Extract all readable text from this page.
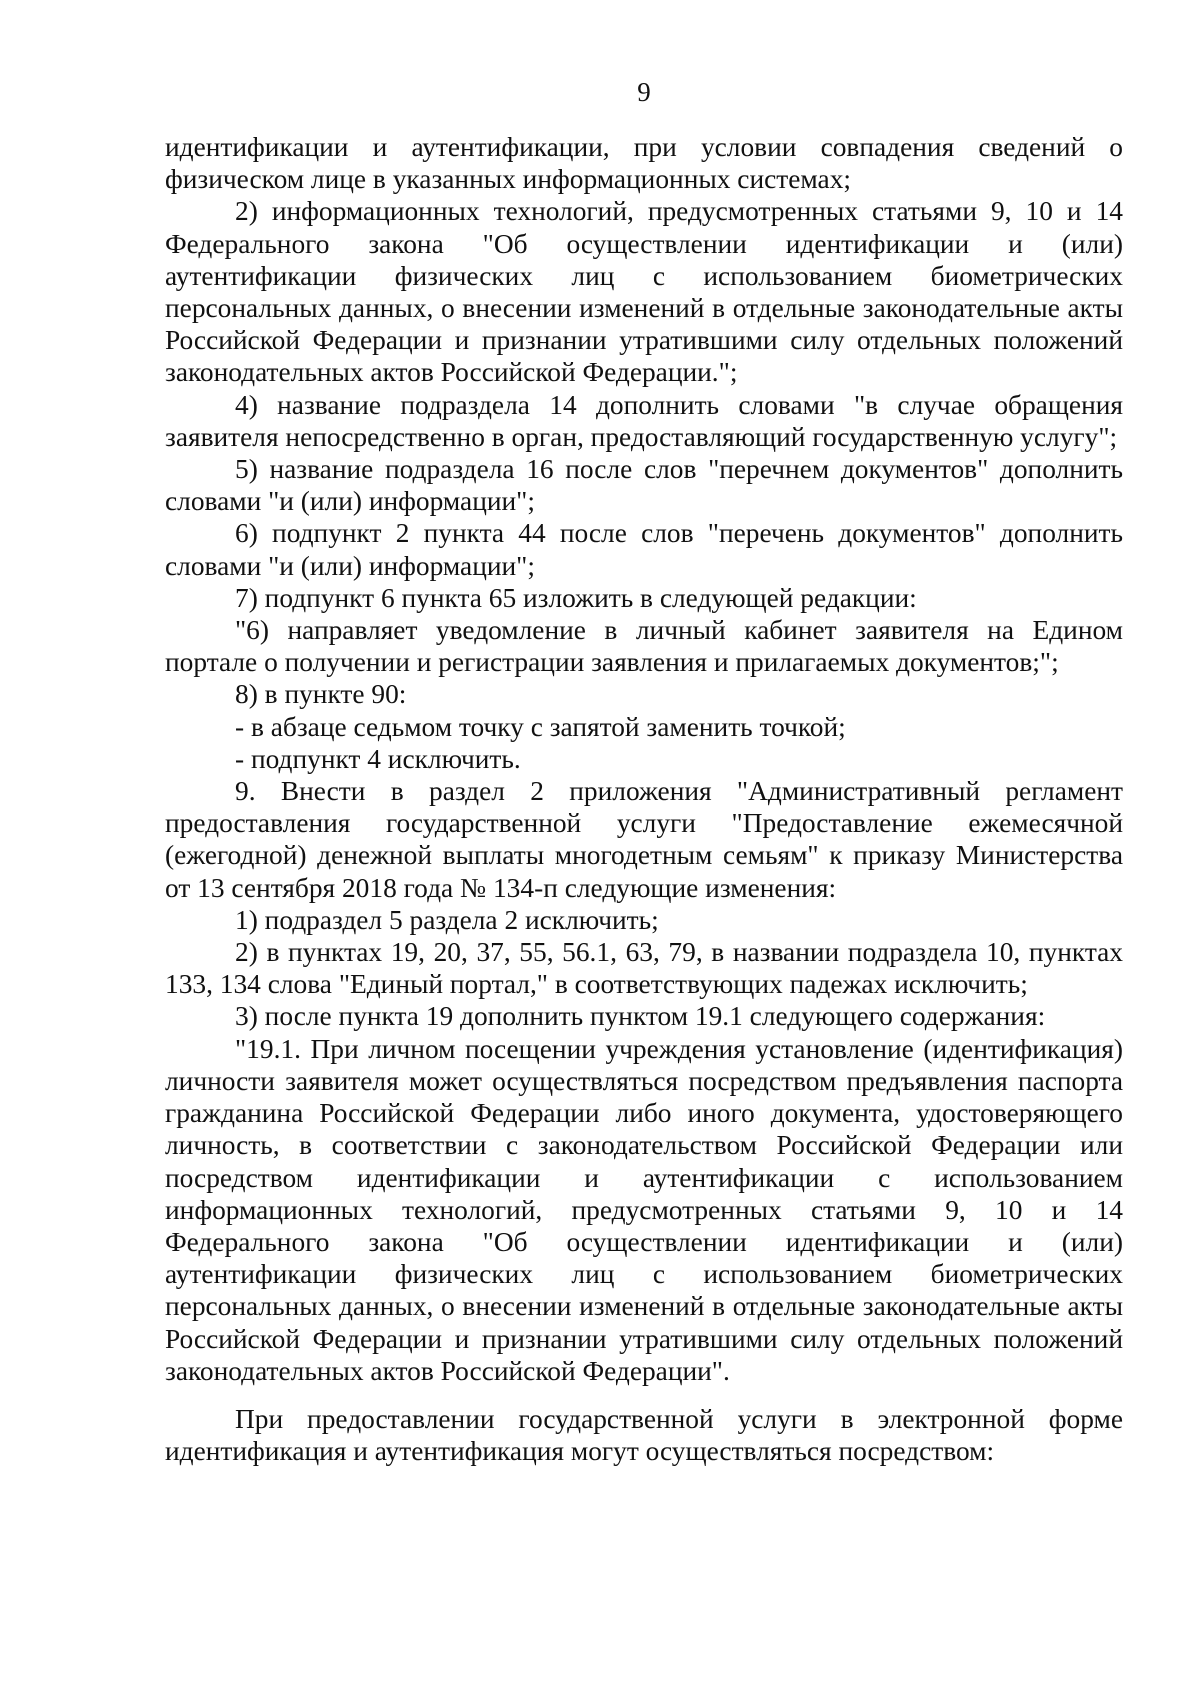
9

идентификации и аутентификации, при условии совпадения сведений о физическом лице в указанных информационных системах;

2) информационных технологий, предусмотренных статьями 9, 10 и 14 Федерального закона "Об осуществлении идентификации и (или) аутентификации физических лиц с использованием биометрических персональных данных, о внесении изменений в отдельные законодательные акты Российской Федерации и признании утратившими силу отдельных положений законодательных актов Российской Федерации.";

4) название подраздела 14 дополнить словами "в случае обращения заявителя непосредственно в орган, предоставляющий государственную услугу";

5) название подраздела 16 после слов "перечнем документов" дополнить словами "и (или) информации";

6) подпункт 2 пункта 44 после слов "перечень документов" дополнить словами "и (или) информации";

7) подпункт 6 пункта 65 изложить в следующей редакции:

"6) направляет уведомление в личный кабинет заявителя на Едином портале о получении и регистрации заявления и прилагаемых документов;";

8) в пункте 90:

- в абзаце седьмом точку с запятой заменить точкой;

- подпункт 4 исключить.

9. Внести в раздел 2 приложения "Административный регламент предоставления государственной услуги "Предоставление ежемесячной (ежегодной) денежной выплаты многодетным семьям" к приказу Министерства от 13 сентября 2018 года № 134-п следующие изменения:

1) подраздел 5 раздела 2 исключить;

2) в пунктах 19, 20, 37, 55, 56.1, 63, 79, в названии подраздела 10, пунктах 133, 134 слова "Единый портал," в соответствующих падежах исключить;

3) после пункта 19 дополнить пунктом 19.1 следующего содержания:

"19.1. При личном посещении учреждения установление (идентификация) личности заявителя может осуществляться посредством предъявления паспорта гражданина Российской Федерации либо иного документа, удостоверяющего личность, в соответствии с законодательством Российской Федерации или посредством идентификации и аутентификации с использованием информационных технологий, предусмотренных статьями 9, 10 и 14 Федерального закона "Об осуществлении идентификации и (или) аутентификации физических лиц с использованием биометрических персональных данных, о внесении изменений в отдельные законодательные акты Российской Федерации и признании утратившими силу отдельных положений законодательных актов Российской Федерации".

При предоставлении государственной услуги в электронной форме идентификация и аутентификация могут осуществляться посредством:
